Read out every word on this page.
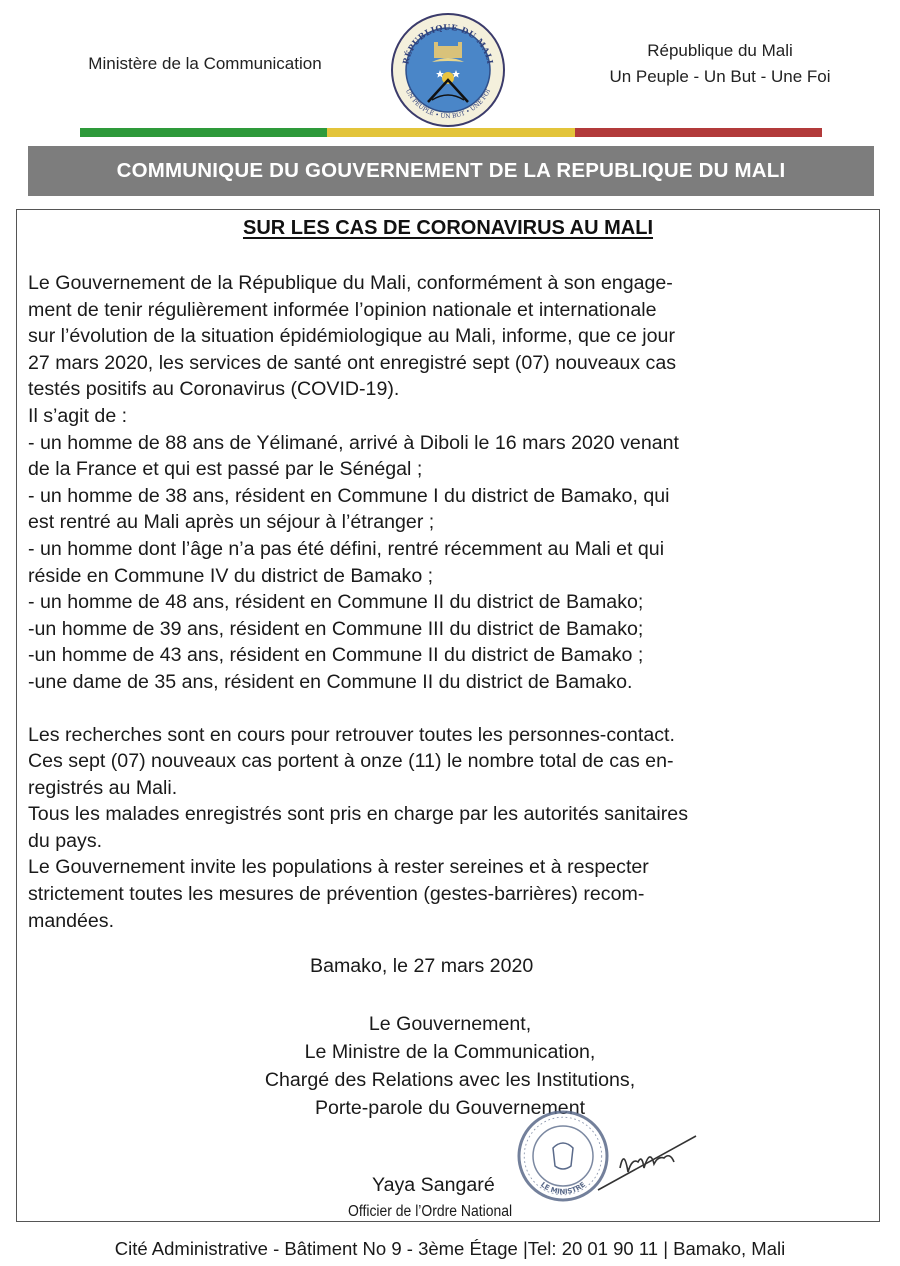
Ministère de la Communication	RÉPUBLIQUE DU MALI
UN PEUPLE • UN BUT • UNE FOI
République du Mali
Un Peuple - Un But - Une Foi
COMMUNIQUE DU GOUVERNEMENT DE LA REPUBLIQUE DU MALI
SUR LES CAS DE CORONAVIRUS AU MALI

Le Gouvernement de la République du Mali, conformément à son engage-
ment de tenir régulièrement informée l’opinion nationale et internationale
sur l’évolution de la situation épidémiologique au Mali, informe, que ce jour
27 mars 2020, les services de santé ont enregistré sept (07) nouveaux cas
testés positifs au Coronavirus (COVID-19).

Il s’agit de :

- un homme de 88 ans de Yélimané, arrivé à Diboli le 16 mars 2020 venant
de la France et qui est passé par le Sénégal ;
- un homme de 38 ans, résident en Commune I du district de Bamako, qui
est rentré au Mali après un séjour à l’étranger ;
- un homme dont l’âge n’a pas été défini, rentré récemment au Mali et qui
réside en Commune IV du district de Bamako ;
- un homme de 48 ans, résident en Commune II du district de Bamako;
-un homme de 39 ans, résident en Commune III du district de Bamako;
-un homme de 43 ans, résident en Commune II du district de Bamako ;
-une dame de 35 ans, résident en Commune II du district de Bamako.

Les recherches sont en cours pour retrouver toutes les personnes-contact.
Ces sept (07) nouveaux cas portent à onze (11) le nombre total de cas en-
registrés au Mali.
Tous les malades enregistrés sont pris en charge par les autorités sanitaires
du pays.
Le Gouvernement invite les populations à rester sereines et à respecter
strictement toutes les mesures de prévention (gestes-barrières) recom-
mandées.

Bamako, le 27 mars 2020
Le Gouvernement,
Le Ministre de la Communication,
Chargé des Relations avec les Institutions,
Porte-parole du Gouvernement
LE MINISTRE
Yaya Sangaré
Officier de l’Ordre National
Cité Administrative - Bâtiment No 9 - 3ème Étage |Tel: 20 01 90 11 | Bamako, Mali
